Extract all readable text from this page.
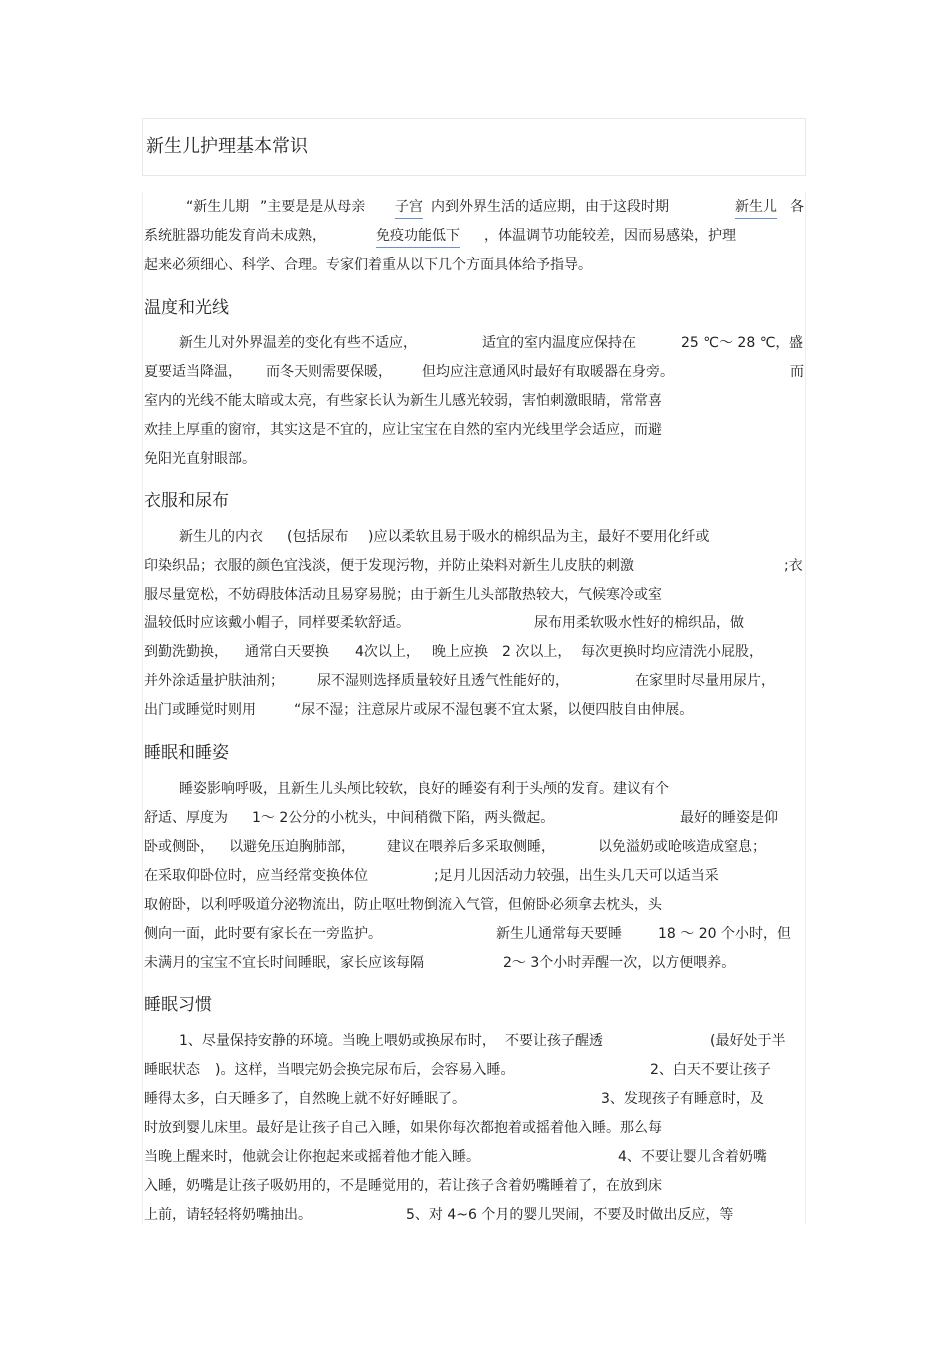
新生儿护理基本常识

“新生儿期 ”主要是是从母亲 子宫 内到外界生活的适应期，由于这段时期	新生儿 各

系统脏器功能发育尚未成熟，	免疫功能低下 ，体温调节功能较差，因而易感染，护理

起来必须细心、科学、合理。专家们着重从以下几个方面具体给予指导。

温度和光线

新生儿对外界温差的变化有些不适应，	适宜的室内温度应保持在	25 ℃～ 28 ℃， 盛

夏要适当降温， 而冬天则需要保暖， 但均应注意通风时最好有取暖器在身旁。	而

室内的光线不能太暗或太亮，有些家长认为新生儿感光较弱，害怕刺激眼睛，常常喜

欢挂上厚重的窗帘，其实这是不宜的，应让宝宝在自然的室内光线里学会适应，而避

免阳光直射眼部。

衣服和尿布

新生儿的内衣 (包括尿布 )应以柔软且易于吸水的棉织品为主，最好不要用化纤或

印染织品；衣服的颜色宜浅淡，便于发现污物，并防止染料对新生儿皮肤的刺激	;衣

服尽量宽松，不妨碍肢体活动且易穿易脱；由于新生儿头部散热较大，气候寒冷或室

温较低时应该戴小帽子，同样要柔软舒适。	尿布用柔软吸水性好的棉织品，做

到勤洗勤换， 通常白天要换 4次以上， 晚上应换 2 次以上， 每次更换时均应清洗小屁股，

并外涂适量护肤油剂； 尿不湿则选择质量较好且透气性能好的，	在家里时尽量用尿片，

出门或睡觉时则用	“尿不湿；注意尿片或尿不湿包裹不宜太紧，以便四肢自由伸展。

睡眠和睡姿

睡姿影响呼吸，且新生儿头颅比较软，良好的睡姿有利于头颅的发育。建议有个

舒适、厚度为 1～ 2公分的小枕头，中间稍微下陷，两头微起。	最好的睡姿是仰

卧或侧卧， 以避免压迫胸肺部， 建议在喂养后多采取侧睡，	以免溢奶或呛咳造成窒息；

在采取仰卧位时，应当经常变换体位	;足月儿因活动力较强，出生头几天可以适当采

取俯卧，以利呼吸道分泌物流出，防止呕吐物倒流入气管，但俯卧必须拿去枕头，头

侧向一面，此时要有家长在一旁监护。	新生儿通常每天要睡	18 ～ 20 个小时，但

未满月的宝宝不宜长时间睡眠，家长应该每隔	2～ 3个小时弄醒一次，以方便喂养。

睡眠习惯

1、尽量保持安静的环境。当晚上喂奶或换尿布时， 不要让孩子醒透	(最好处于半

睡眠状态 )。这样，当喂完奶会换完尿布后，会容易入睡。	2、白天不要让孩子

睡得太多，白天睡多了，自然晚上就不好好睡眠了。	3、发现孩子有睡意时，及

时放到婴儿床里。最好是让孩子自己入睡，如果你每次都抱着或摇着他入睡。那么每

当晚上醒来时，他就会让你抱起来或摇着他才能入睡。	4、不要让婴儿含着奶嘴

入睡，奶嘴是让孩子吸奶用的，不是睡觉用的，若让孩子含着奶嘴睡着了，在放到床

上前，请轻轻将奶嘴抽出。	5、对 4~6 个月的婴儿哭闹，不要及时做出反应，等
